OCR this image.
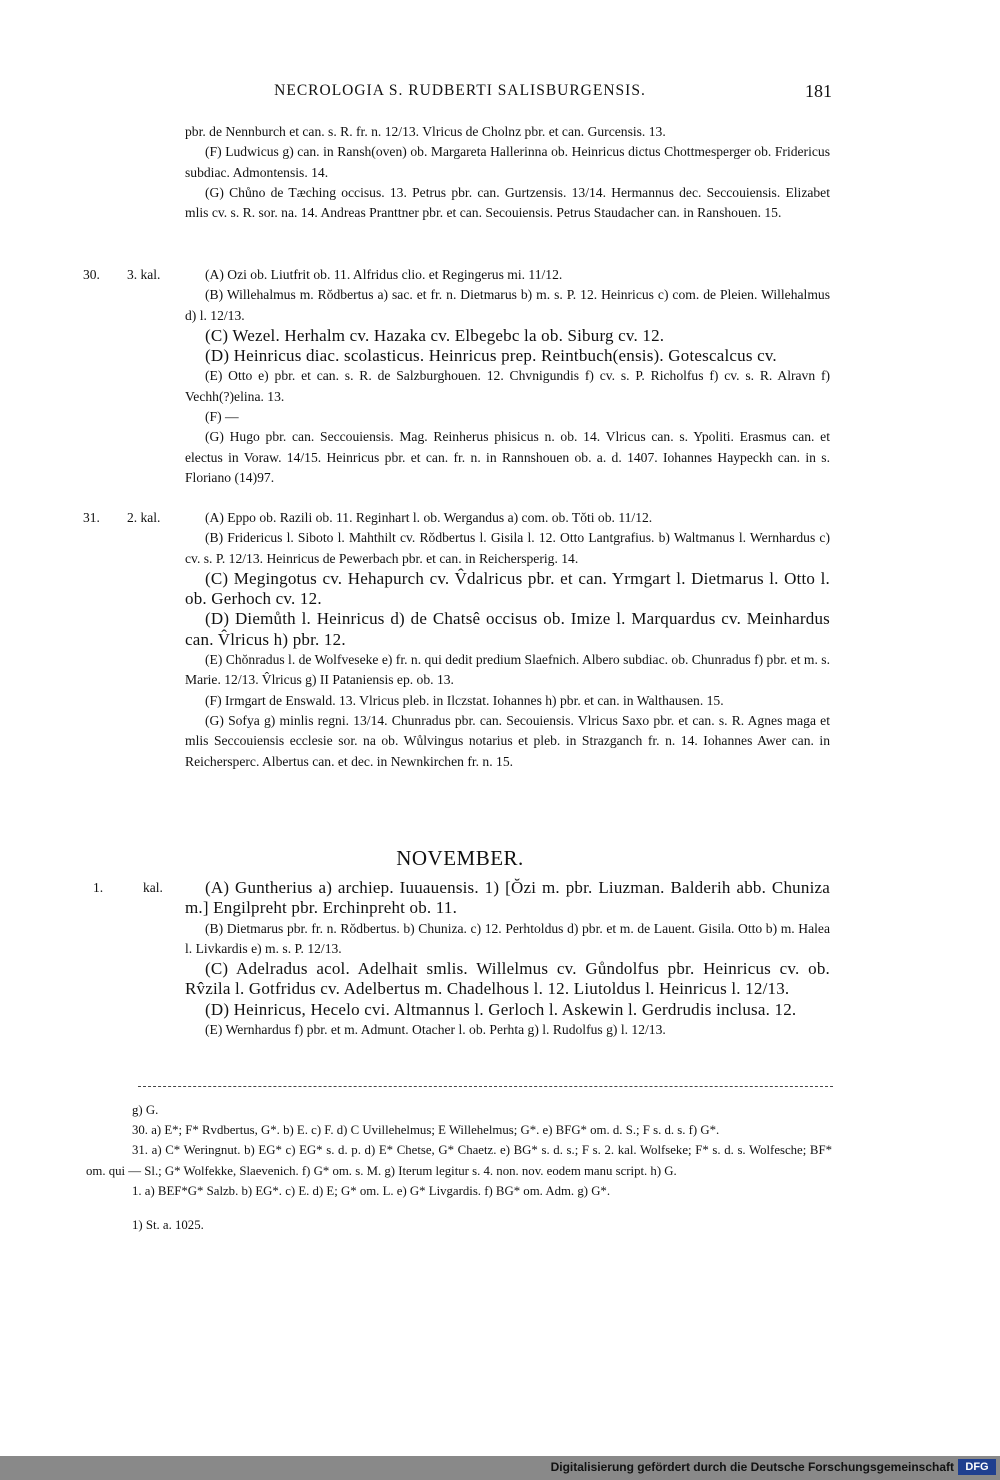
NECROLOGIA S. RUDBERTI SALISBURGENSIS.	181

pbr. de Nennburch et can. s. R. fr. n. 12/13. Vlricus de Cholnz pbr. et can. Gurcensis. 13.

(F) Ludwicus g) can. in Ransh(oven) ob. Margareta Hallerinna ob. Heinricus dictus Chottmesperger ob. Fridericus subdiac. Admontensis. 14.

(G) Chůno de Tæching occisus. 13. Petrus pbr. can. Gurtzensis. 13/14. Hermannus dec. Seccouiensis. Elizabet mlis cv. s. R. sor. na. 14. Andreas Pranttner pbr. et can. Secouiensis. Petrus Staudacher can. in Ranshouen. 15.

30. 3. kal.	(A) Ozi ob. Liutfrit ob. 11. Alfridus clio. et Regingerus mi. 11/12.

(B) Willehalmus m. Rŏdbertus a) sac. et fr. n. Dietmarus b) m. s. P. 12. Heinricus c) com. de Pleien. Willehalmus d) l. 12/13.

(C) Wezel. Herhalm cv. Hazaka cv. Elbegebc la ob. Siburg cv. 12.

(D) Heinricus diac. scolasticus. Heinricus prep. Reintbuch(ensis). Gotescalcus cv.

(E) Otto e) pbr. et can. s. R. de Salzburghouen. 12. Chvnigundis f) cv. s. P. Richolfus f) cv. s. R. Alravn f) Vechh(?)elina. 13.

(F) —

(G) Hugo pbr. can. Seccouiensis. Mag. Reinherus phisicus n. ob. 14. Vlricus can. s. Ypoliti. Erasmus can. et electus in Voraw. 14/15. Heinricus pbr. et can. fr. n. in Rannshouen ob. a. d. 1407. Iohannes Haypeckh can. in s. Floriano (14)97.

31. 2. kal.	(A) Eppo ob. Razili ob. 11. Reginhart l. ob. Wergandus a) com. ob. Tŏti ob. 11/12.

(B) Fridericus l. Siboto l. Mahthilt cv. Rŏdbertus l. Gisila l. 12. Otto Lantgrafius. b) Waltmanus l. Wernhardus c) cv. s. P. 12/13. Heinricus de Pewerbach pbr. et can. in Reichersperig. 14.

(C) Megingotus cv. Hehapurch cv. V̂dalricus pbr. et can. Yrmgart l. Dietmarus l. Otto l. ob. Gerhoch cv. 12.

(D) Diemůth l. Heinricus d) de Chatsê occisus ob. Imize l. Marquardus cv. Meinhardus can. V̂lricus h) pbr. 12.

(E) Chŏnradus l. de Wolfveseke e) fr. n. qui dedit predium Slaefnich. Albero subdiac. ob. Chunradus f) pbr. et m. s. Marie. 12/13. V̂lricus g) II Pataniensis ep. ob. 13.

(F) Irmgart de Enswald. 13. Vlricus pleb. in Ilczstat. Iohannes h) pbr. et can. in Walthausen. 15.

(G) Sofya g) minlis regni. 13/14. Chunradus pbr. can. Secouiensis. Vlricus Saxo pbr. et can. s. R. Agnes maga et mlis Seccouiensis ecclesie sor. na ob. Wůlvingus notarius et pleb. in Strazganch fr. n. 14. Iohannes Awer can. in Reichersperc. Albertus can. et dec. in Newnkirchen fr. n. 15.

NOVEMBER.
1.	kal.	(A) Guntherius a) archiep. Iuuauensis. 1) [Ŏzi m. pbr. Liuzman. Balderih abb. Chuniza m.] Engilpreht pbr. Erchinpreht ob. 11.

(B) Dietmarus pbr. fr. n. Rŏdbertus. b) Chuniza. c) 12. Perhtoldus d) pbr. et m. de Lauent. Gisila. Otto b) m. Halea l. Livkardis e) m. s. P. 12/13.

(C) Adelradus acol. Adelhait smlis. Willelmus cv. Gůndolfus pbr. Heinricus cv. ob. Rv̂zila l. Gotfridus cv. Adelbertus m. Chadelhous l. 12. Liutoldus l. Heinricus l. 12/13.

(D) Heinricus, Hecelo cvi. Altmannus l. Gerloch l. Askewin l. Gerdrudis inclusa. 12.

(E) Wernhardus f) pbr. et m. Admunt. Otacher l. ob. Perhta g) l. Rudolfus g) l. 12/13.

g) G.

30. a) E*; F* Rvdbertus, G*. b) E. c) F. d) C Uvillehelmus; E Willehelmus; G*. e) BFG* om. d. S.; F s. d. s. f) G*.

31. a) C* Weringnut. b) EG* c) EG* s. d. p. d) E* Chetse, G* Chaetz. e) BG* s. d. s.; F s. 2. kal. Wolfseke; F* s. d. s. Wolfesche; BF* om. qui — Sl.; G* Wolfekke, Slaevenich. f) G* om. s. M. g) Iterum legitur s. 4. non. nov. eodem manu script. h) G.

1. a) BEF*G* Salzb. b) EG*. c) E. d) E; G* om. L. e) G* Livgardis. f) BG* om. Adm. g) G*.

1) St. a. 1025.

Digitalisierung gefördert durch die Deutsche Forschungsgemeinschaft	DFG
